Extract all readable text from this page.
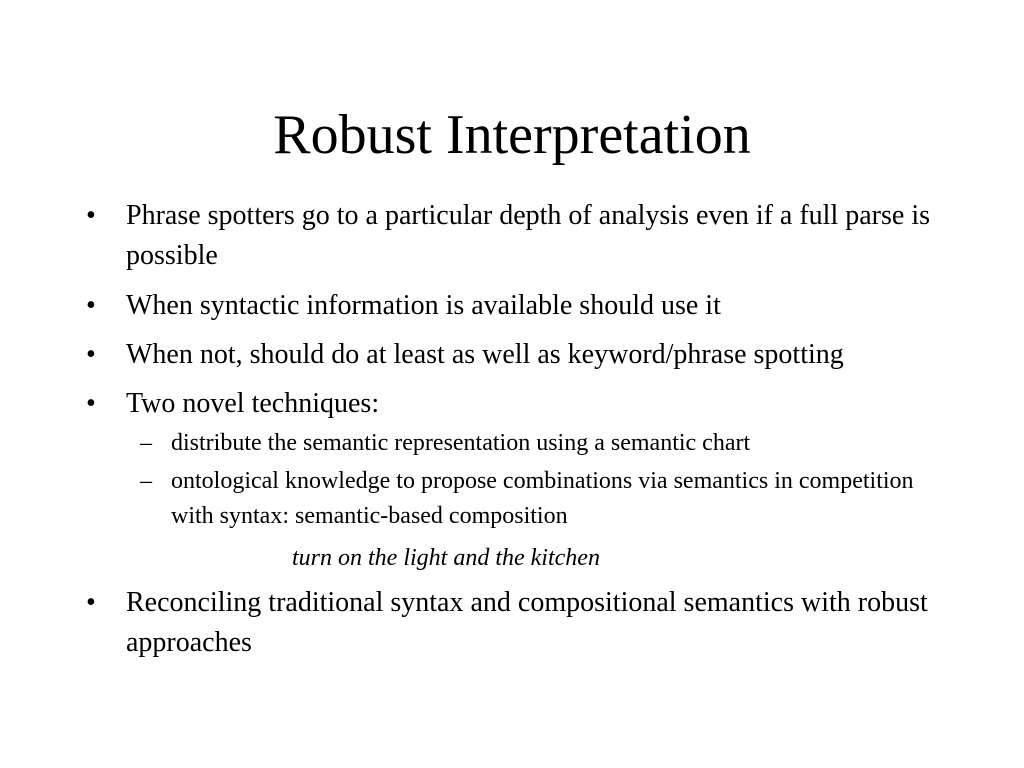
Robust Interpretation

• Phrase spotters go to a particular depth of analysis even if a full parse is possible

• When syntactic information is available should use it

• When not, should do at least as well as keyword/phrase spotting

• Two novel techniques:

– distribute the semantic representation using a semantic chart

– ontological knowledge to propose combinations via semantics in competition with syntax: semantic-based composition

turn on the light and the kitchen

• Reconciling traditional syntax and compositional semantics with robust approaches
